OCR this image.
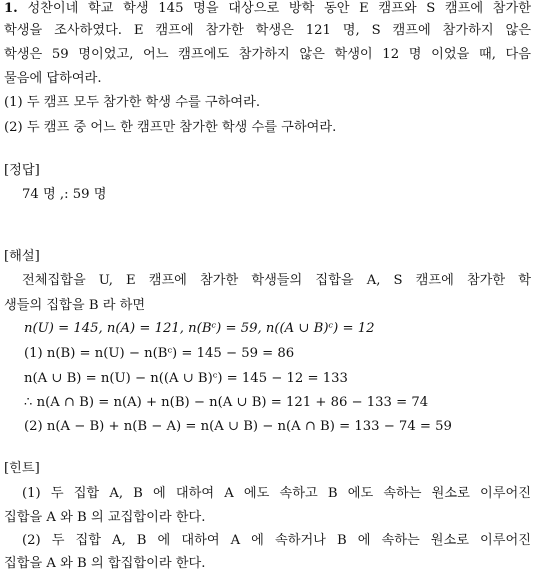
1. 성찬이네 학교 학생 145 명을 대상으로 방학 동안 E 캠프와 S 캠프에 참가한
학생을 조사하였다. E 캠프에 참가한 학생은 121 명, S 캠프에 참가하지 않은
학생은 59 명이었고, 어느 캠프에도 참가하지 않은 학생이 12 명 이었을 때, 다음
물음에 답하여라.
(1) 두 캠프 모두 참가한 학생 수를 구하여라.
(2) 두 캠프 중 어느 한 캠프만 참가한 학생 수를 구하여라.
[정답]
74 명 ,: 59 명
[해설]
전체집합을 U, E 캠프에 참가한 학생들의 집합을 A, S 캠프에 참가한 학
생들의 집합을 B 라 하면
n(U) = 145, n(A) = 121, n(Bᶜ) = 59, n((A ∪ B)ᶜ) = 12
(1) n(B) = n(U) − n(Bᶜ) = 145 − 59 = 86
n(A ∪ B) = n(U) − n((A ∪ B)ᶜ) = 145 − 12 = 133
∴ n(A ∩ B) = n(A) + n(B) − n(A ∪ B) = 121 + 86 − 133 = 74
(2) n(A − B) + n(B − A) = n(A ∪ B) − n(A ∩ B) = 133 − 74 = 59
[힌트]
(1) 두 집합 A, B 에 대하여 A 에도 속하고 B 에도 속하는 원소로 이루어진
집합을 A 와 B 의 교집합이라 한다.
(2) 두 집합 A, B 에 대하여 A 에 속하거나 B 에 속하는 원소로 이루어진
집합을 A 와 B 의 합집합이라 한다.
